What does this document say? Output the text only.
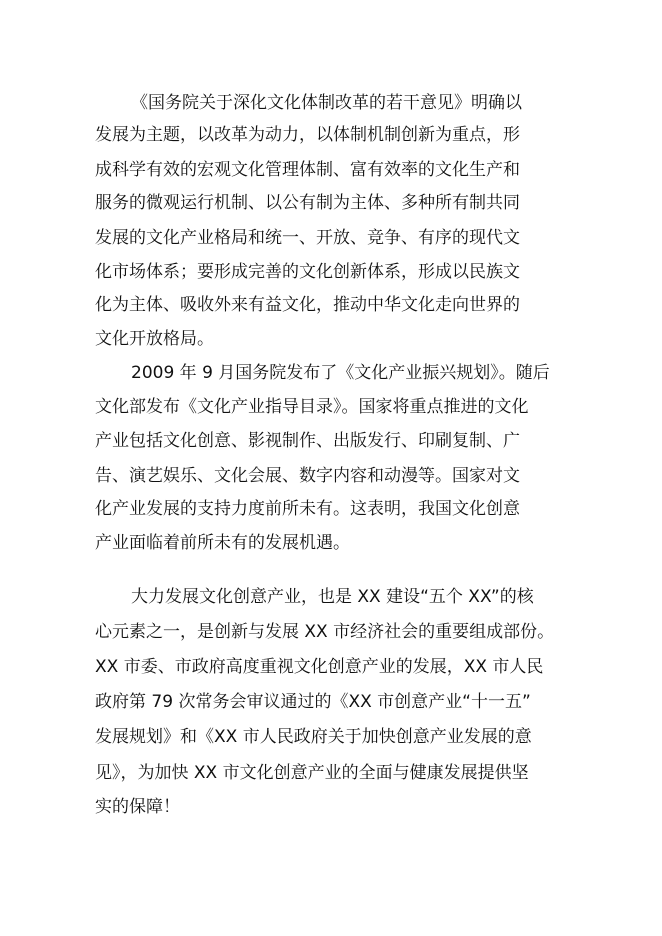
《国务院关于深化文化体制改革的若干意见》明确以
发展为主题，以改革为动力，以体制机制创新为重点，形
成科学有效的宏观文化管理体制、富有效率的文化生产和
服务的微观运行机制、以公有制为主体、多种所有制共同
发展的文化产业格局和统一、开放、竞争、有序的现代文
化市场体系；要形成完善的文化创新体系，形成以民族文
化为主体、吸收外来有益文化，推动中华文化走向世界的
文化开放格局。
2009 年 9 月国务院发布了《文化产业振兴规划》。随后
文化部发布《文化产业指导目录》。国家将重点推进的文化
产业包括文化创意、影视制作、出版发行、印刷复制、广
告、演艺娱乐、文化会展、数字内容和动漫等。国家对文
化产业发展的支持力度前所未有。这表明，我国文化创意
产业面临着前所未有的发展机遇。
大力发展文化创意产业，也是 XX 建设“五个 XX”的核
心元素之一，是创新与发展 XX 市经济社会的重要组成部份。
XX 市委、市政府高度重视文化创意产业的发展，XX 市人民
政府第 79 次常务会审议通过的《XX 市创意产业“十一五”
发展规划》和《XX 市人民政府关于加快创意产业发展的意
见》，为加快 XX 市文化创意产业的全面与健康发展提供坚
实的保障！
